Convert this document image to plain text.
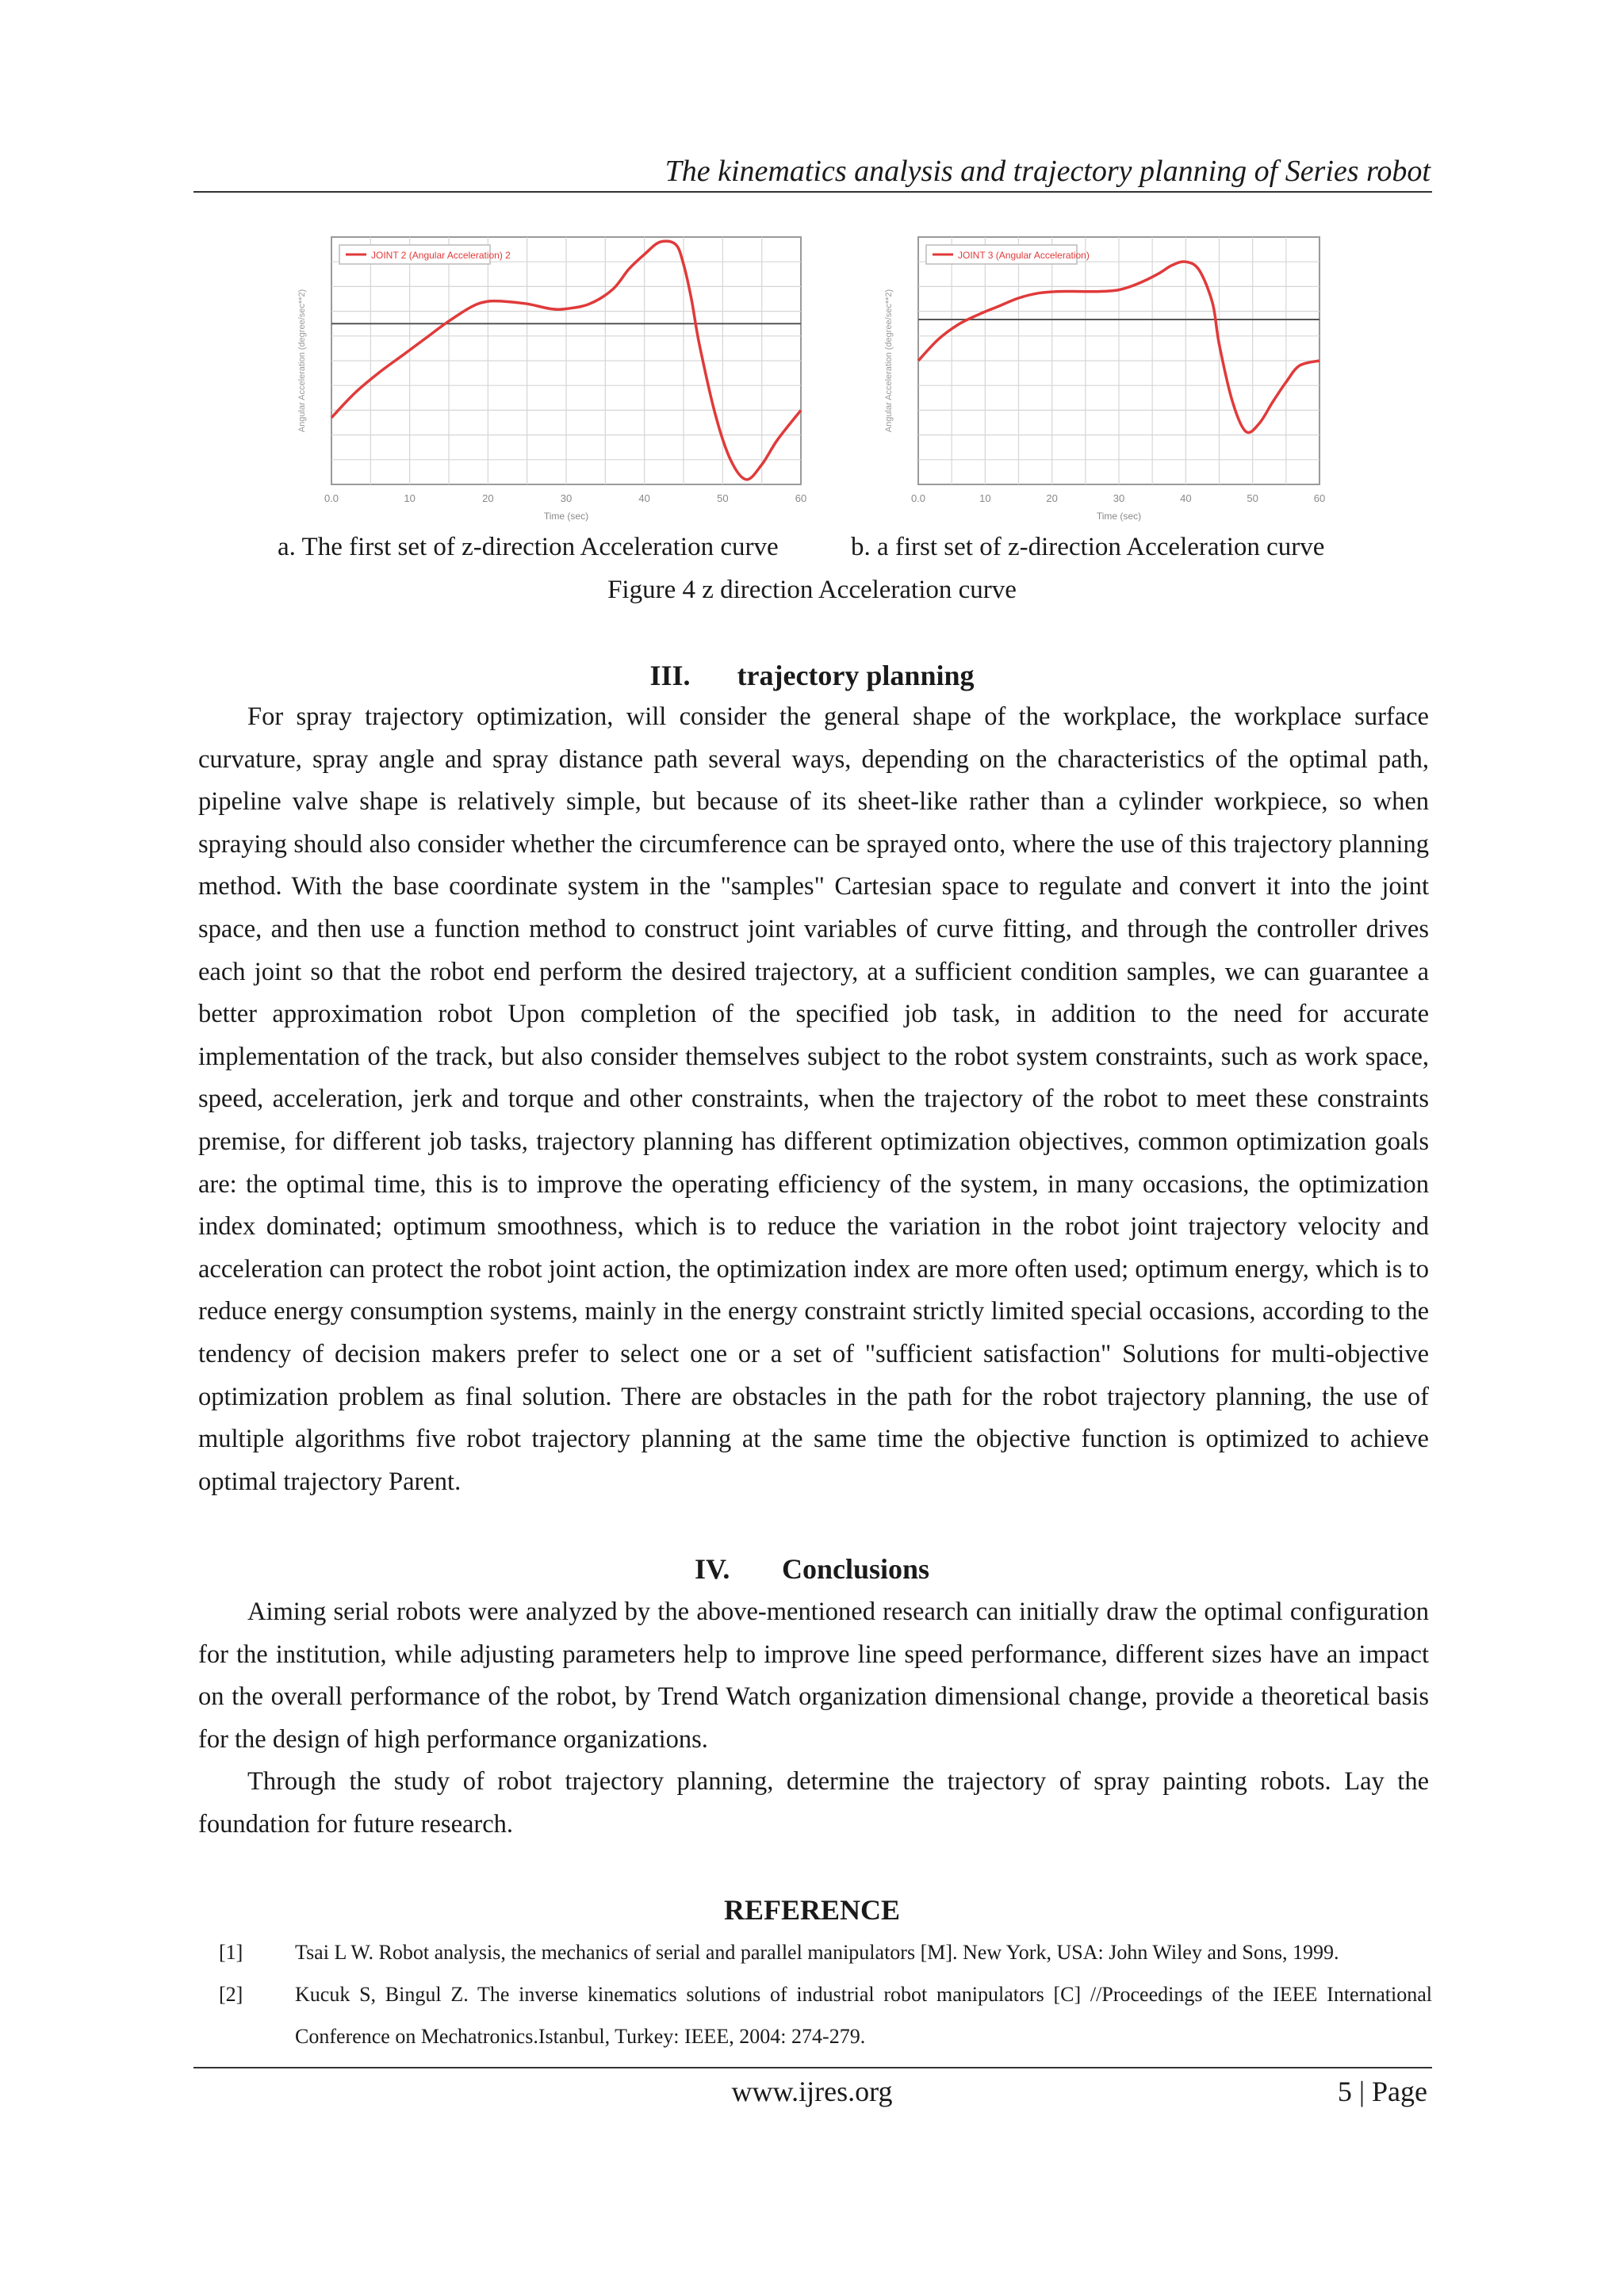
The kinematics analysis and trajectory planning of Series robot
0.0	10	20	30	40	50	60
Time (sec)
Angular Acceleration (degree/sec**2)
JOINT 2 (Angular Acceleration) 2
0.0	10	20	30	40	50	60
Time (sec)
Angular Acceleration (degree/sec**2)
JOINT 3 (Angular Acceleration)
a. The first set of z-direction Acceleration curve	b. a first set of z-direction Acceleration curve
Figure 4 z direction Acceleration curve
III. trajectory planning

For spray trajectory optimization, will consider the general shape of the workplace, the workplace surface curvature, spray angle and spray distance path several ways, depending on the characteristics of the optimal path, pipeline valve shape is relatively simple, but because of its sheet-like rather than a cylinder workpiece, so when spraying should also consider whether the circumference can be sprayed onto, where the use of this trajectory planning method. With the base coordinate system in the "samples" Cartesian space to regulate and convert it into the joint space, and then use a function method to construct joint variables of curve fitting, and through the controller drives each joint so that the robot end perform the desired trajectory, at a sufficient condition samples, we can guarantee a better approximation robot Upon completion of the specified job task, in addition to the need for accurate implementation of the track, but also consider themselves subject to the robot system constraints, such as work space, speed, acceleration, jerk and torque and other constraints, when the trajectory of the robot to meet these constraints premise, for different job tasks, trajectory planning has different optimization objectives, common optimization goals are: the optimal time, this is to improve the operating efficiency of the system, in many occasions, the optimization index dominated; optimum smoothness, which is to reduce the variation in the robot joint trajectory velocity and acceleration can protect the robot joint action, the optimization index are more often used; optimum energy, which is to reduce energy consumption systems, mainly in the energy constraint strictly limited special occasions, according to the tendency of decision makers prefer to select one or a set of "sufficient satisfaction" Solutions for multi-objective optimization problem as final solution. There are obstacles in the path for the robot trajectory planning, the use of multiple algorithms five robot trajectory planning at the same time the objective function is optimized to achieve optimal trajectory Parent.

IV. Conclusions

Aiming serial robots were analyzed by the above-mentioned research can initially draw the optimal configuration for the institution, while adjusting parameters help to improve line speed performance, different sizes have an impact on the overall performance of the robot, by Trend Watch organization dimensional change, provide a theoretical basis for the design of high performance organizations.

Through the study of robot trajectory planning, determine the trajectory of spray painting robots. Lay the foundation for future research.

REFERENCE
[1]	Tsai L W. Robot analysis, the mechanics of serial and parallel manipulators [M]. New York, USA: John Wiley and Sons, 1999.
[2]	Kucuk S, Bingul Z. The inverse kinematics solutions of industrial robot manipulators [C] //Proceedings of the IEEE International Conference on Mechatronics.Istanbul, Turkey: IEEE, 2004: 274-279.
www.ijres.org	5 | Page
